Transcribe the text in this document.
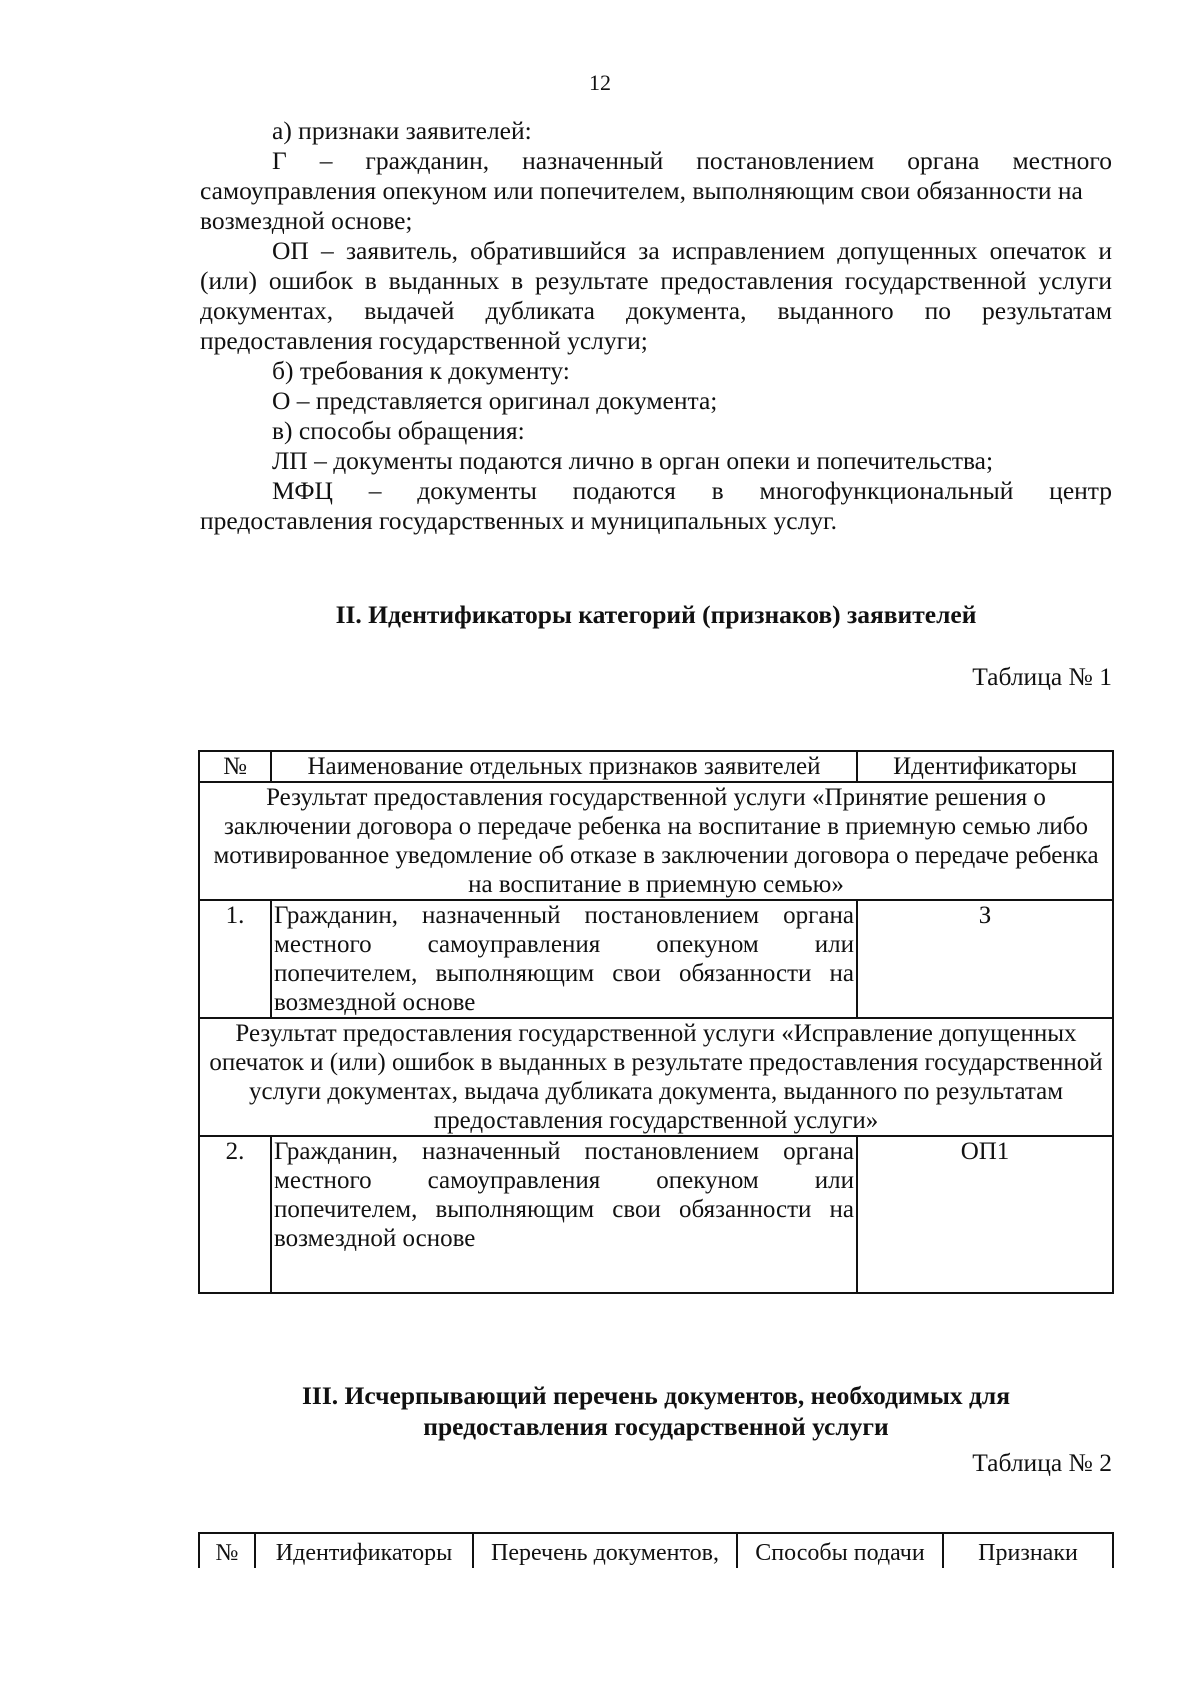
12

а) признаки заявителей:

Г – гражданин, назначенный постановлением органа местного

самоуправления опекуном или попечителем, выполняющим свои обязанности на

возмездной основе;

ОП – заявитель, обратившийся за исправлением допущенных опечаток и (или) ошибок в выданных в результате предоставления государственной услуги документах, выдачей дубликата документа, выданного по результатам предоставления государственной услуги;

б) требования к документу:

О – представляется оригинал документа;

в) способы обращения:

ЛП – документы подаются лично в орган опеки и попечительства;

МФЦ – документы подаются в многофункциональный центр

предоставления государственных и муниципальных услуг.

II. Идентификаторы категорий (признаков) заявителей
Таблица № 1
№	Наименование отдельных признаков заявителей	Идентификаторы
Результат предоставления государственной услуги «Принятие решения о заключении договора о передаче ребенка на воспитание в приемную семью либо мотивированное уведомление об отказе в заключении договора о передаче ребенка на воспитание в приемную семью»		
1.	Гражданин, назначенный постановлением органа местного самоуправления опекуном или попечителем, выполняющим свои обязанности на возмездной основе	З
Результат предоставления государственной услуги «Исправление допущенных опечаток и (или) ошибок в выданных в результате предоставления государственной услуги документах, выдача дубликата документа, выданного по результатам предоставления государственной услуги»		
2.	Гражданин, назначенный постановлением органа местного самоуправления опекуном или попечителем, выполняющим свои обязанности на возмездной основе	ОП1
III. Исчерпывающий перечень документов, необходимых для
предоставления государственной услуги
Таблица № 2
№	Идентификаторы	Перечень документов,	Способы подачи	Признаки
